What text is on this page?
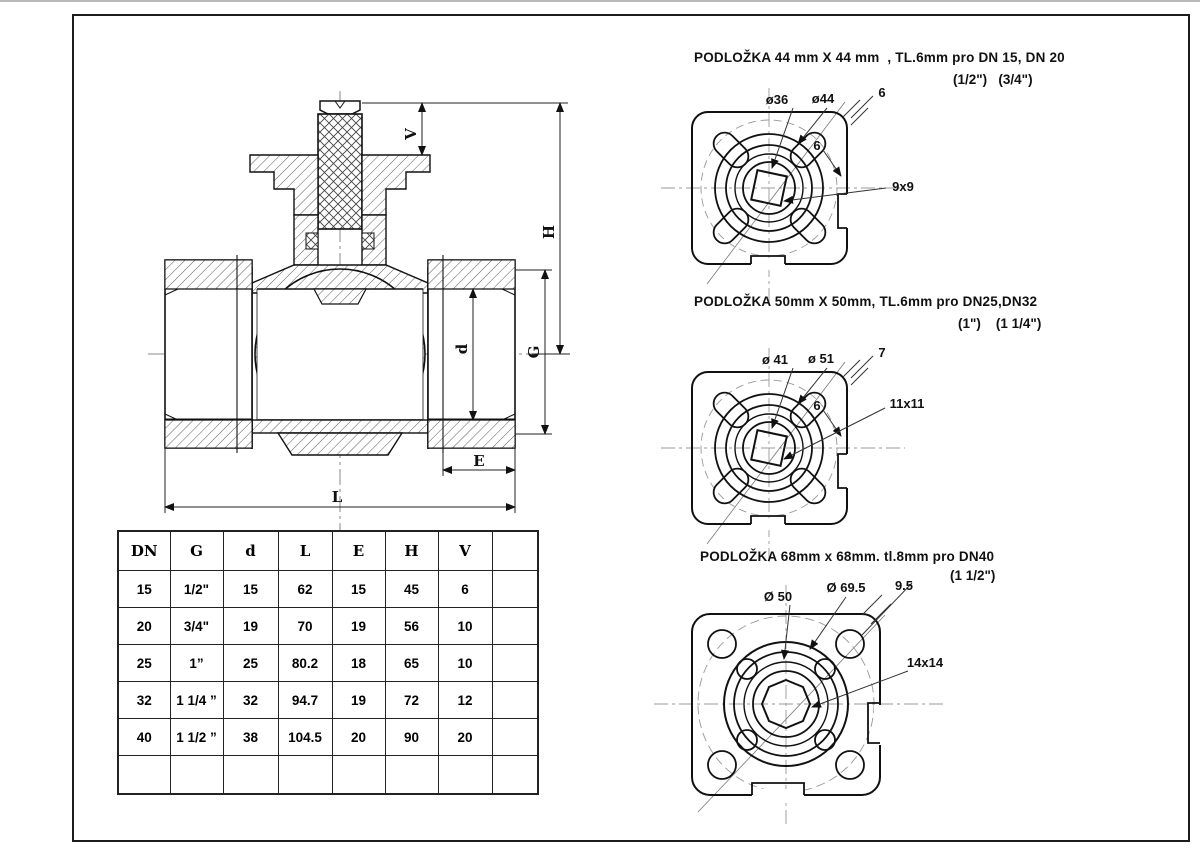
V
H
G
d
E
L
DN	G	d	L	E	H	V	
15	1/2"	15	62	15	45	6	
20	3/4"	19	70	19	56	10	
25	1”	25	80.2	18	65	10	
32	1 1/4 ”	32	94.7	19	72	12	
40	1 1/2 ”	38	104.5	20	90	20	

PODLOŽKA 44 mm X 44 mm  , TL.6mm pro DN 15, DN 20
(1/2")   (3/4")
ø36 ø44	6
6
9x9
PODLOŽKA 50mm X 50mm, TL.6mm pro DN25,DN32
(1")    (1 1/4")
ø 41 ø 51	7
6	11x11
PODLOŽKA 68mm x 68mm. tl.8mm pro DN40
(1 1/2")
Ø 50
Ø 69.5 9.5
14x14
